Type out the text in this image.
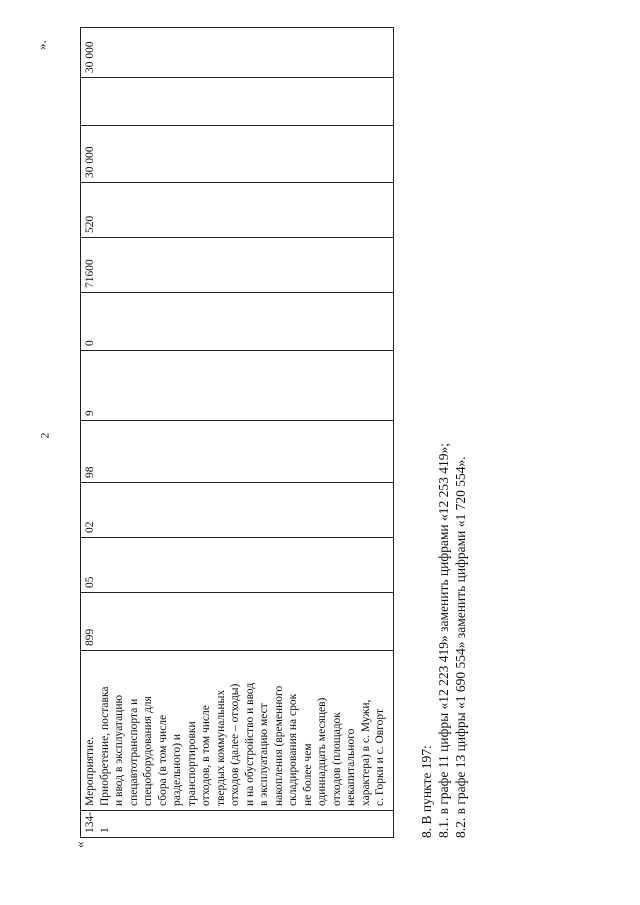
2
«
».
134-1	Мероприятие.
Приобретение, поставка
и ввод в эксплуатацию
спецавтотранспорта и
спецоборудования для
сбора (в том числе
раздельного) и
транспортировки
отходов, в том числе
твердых коммунальных
отходов (далее – отходы)
и на обустройство и ввод
в эксплуатацию мест
накопления (временного
складирования на срок
не более чем
одиннадцать месяцев)
отходов (площадок
некапитального
характера) в с. Мужи,
с. Горки и с. Овгорт	899	05	02	98	9	0	71600	520	30 000		30 000
8. В пункте 197: 8.1. в графе 11 цифры «12 223 419» заменить цифрами «12 253 419»; 8.2. в графе 13 цифры «1 690 554» заменить цифрами «1 720 554».
